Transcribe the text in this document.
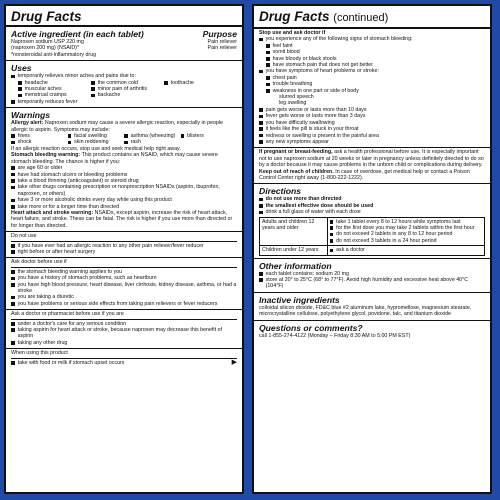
Drug Facts
Active ingredient (in each tablet)	Purpose
Naproxen sodium USP 220 mg	Pain reliever
(naproxen 200 mg) (NSAID)*	Pain reliever
*nonsteroidal anti-inflammatory drug
Uses
temporarily relieves minor aches and pains due to:
headache	the common cold	toothache
muscular aches	minor pain of arthritis
menstrual cramps	backache
temporarily reduces fever
Warnings
Allergy alert: Naproxen sodium may cause a severe allergic reaction, especially in people allergic to aspirin. Symptoms may include:
hives	facial swelling	asthma (wheezing) blisters
shock	skin reddening	rash
If an allergic reaction occurs, stop use and seek medical help right away.
Stomach bleeding warning: This product contains an NSAID, which may cause severe stomach bleeding. The chance is higher if you:
are age 60 or older
have had stomach ulcers or bleeding problems
take a blood thinning (anticoagulant) or steroid drug
take other drugs containing prescription or nonprescription NSAIDs (aspirin, ibuprofen, naproxen, or others)
have 3 or more alcoholic drinks every day while using this product
take more or for a longer time than directed
Heart attack and stroke warning: NSAIDs, except aspirin, increase the risk of heart attack, heart failure, and stroke. These can be fatal. The risk is higher if you use more than directed or for longer than directed.
Do not use
if you have ever had an allergic reaction to any other pain reliever/fever reducer
right before or after heart surgery
Ask doctor before use if
the stomach bleeding warning applies to you
you have a history of stomach problems, such as heartburn
you have high blood pressure, heart disease, liver cirrhosis, kidney disease, asthma, or had a stroke
you are taking a diuretic
you have problems or serious side effects from taking pain relievers or fever reducers
Ask a doctor or pharmacist before use if you are
under a doctor's care for any serious condition
taking aspirin for heart attack or stroke, because naproxen may decrease this benefit of aspirin
taking any other drug
When using this product
take with food or milk if stomach upset occurs	▶
Drug Facts (continued)
Stop use and ask doctor if
you experience any of the following signs of stomach bleeding:
feel faint
vomit blood
have bloody or black stools
have stomach pain that does not get better
you have symptoms of heart problems or stroke:
chest pain
trouble breathing
weakness in one part or side of body
slurred speech
leg swelling
pain gets worse or lasts more than 10 days
fever gets worse or lasts more than 3 days
you have difficulty swallowing
it feels like the pill is stuck in your throat
redness or swelling is present in the painful area
any new symptoms appear
If pregnant or breast-feeding, ask a health professional before use. It is especially important not to use naproxen sodium at 20 weeks or later in pregnancy unless definitely directed to do so by a doctor because it may cause problems in the unborn child or complications during delivery.
Keep out of reach of children. In case of overdose, get medical help or contact a Poison Control Center right away (1-800-222-1222).
Directions
do not use more than directed
the smallest effective dose should be used
drink a full glass of water with each dose
Adults and children 12 years and older	take 1 tablet every 8 to 12 hours while symptoms last
for the first dose you may take 2 tablets within the first hour
do not exceed 2 tablets in any 8 to 12 hour period
do not exceed 3 tablets in a 24 hour period

Children under 12 years	ask a doctor
Other information
each tablet contains: sodium 20 mg
store at 20° to 25°C (68° to 77°F). Avoid high humidity and excessive heat above 40°C (104°F)
Inactive ingredients
colloidal silicon dioxide, FD&C blue #2 aluminum lake, hypromellose, magnesium stearate, microcrystalline cellulose, polyethylene glycol, povidone, talc, and titanium dioxide
Questions or comments?
call 1-855-274-4122 (Monday – Friday 8:30 AM to 5:00 PM EST)
